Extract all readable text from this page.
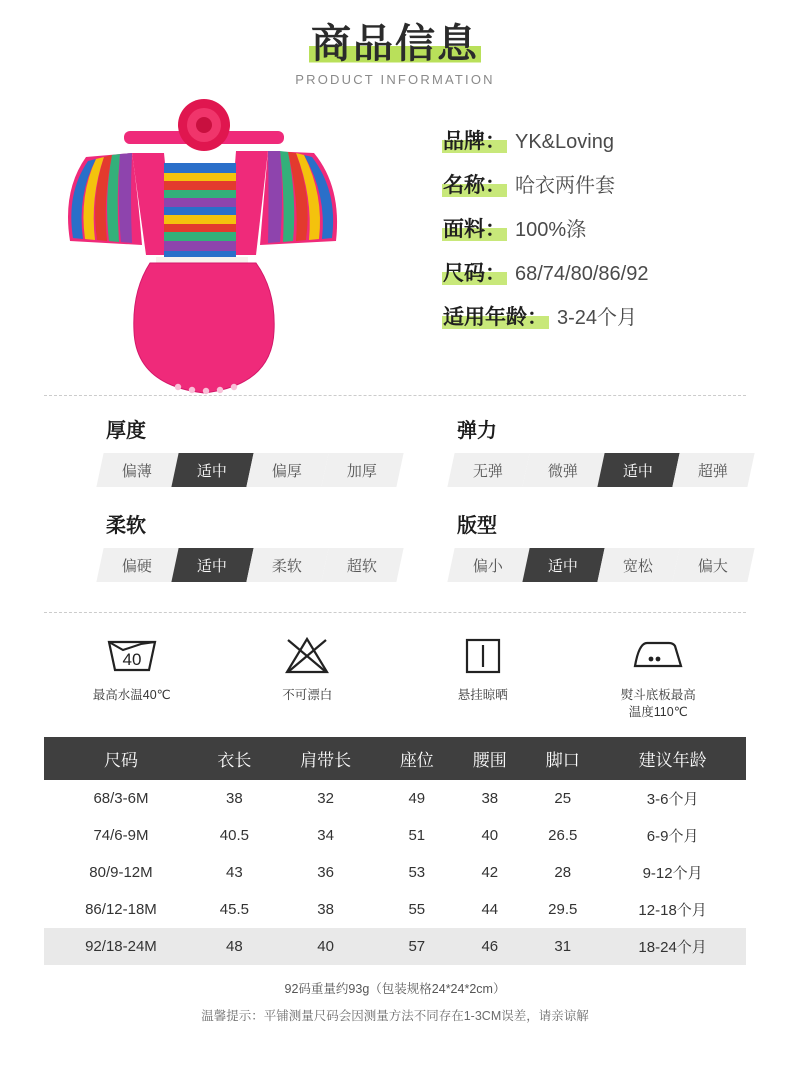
商品信息
PRODUCT INFORMATION
品牌： YK&Loving
名称： 哈衣两件套
面料： 100%涤
尺码： 68/74/80/86/92
适用年龄： 3-24个月
厚度
偏薄	适中	偏厚	加厚
弹力
无弹	微弹	适中	超弹
柔软
偏硬	适中	柔软	超软
版型
偏小	适中	宽松	偏大
40
最高水温40℃	不可漂白	悬挂晾晒	熨斗底板最高
温度110℃
尺码	衣长	肩带长	座位	腰围	脚口	建议年龄
68/3-6M	38	32	49	38	25	3-6个月
74/6-9M	40.5	34	51	40	26.5	6-9个月
80/9-12M	43	36	53	42	28	9-12个月
86/12-18M	45.5	38	55	44	29.5	12-18个月
92/18-24M	48	40	57	46	31	18-24个月
92码重量约93g（包装规格24*24*2cm）
温馨提示：平铺测量尺码会因测量方法不同存在1-3CM误差，请亲谅解
